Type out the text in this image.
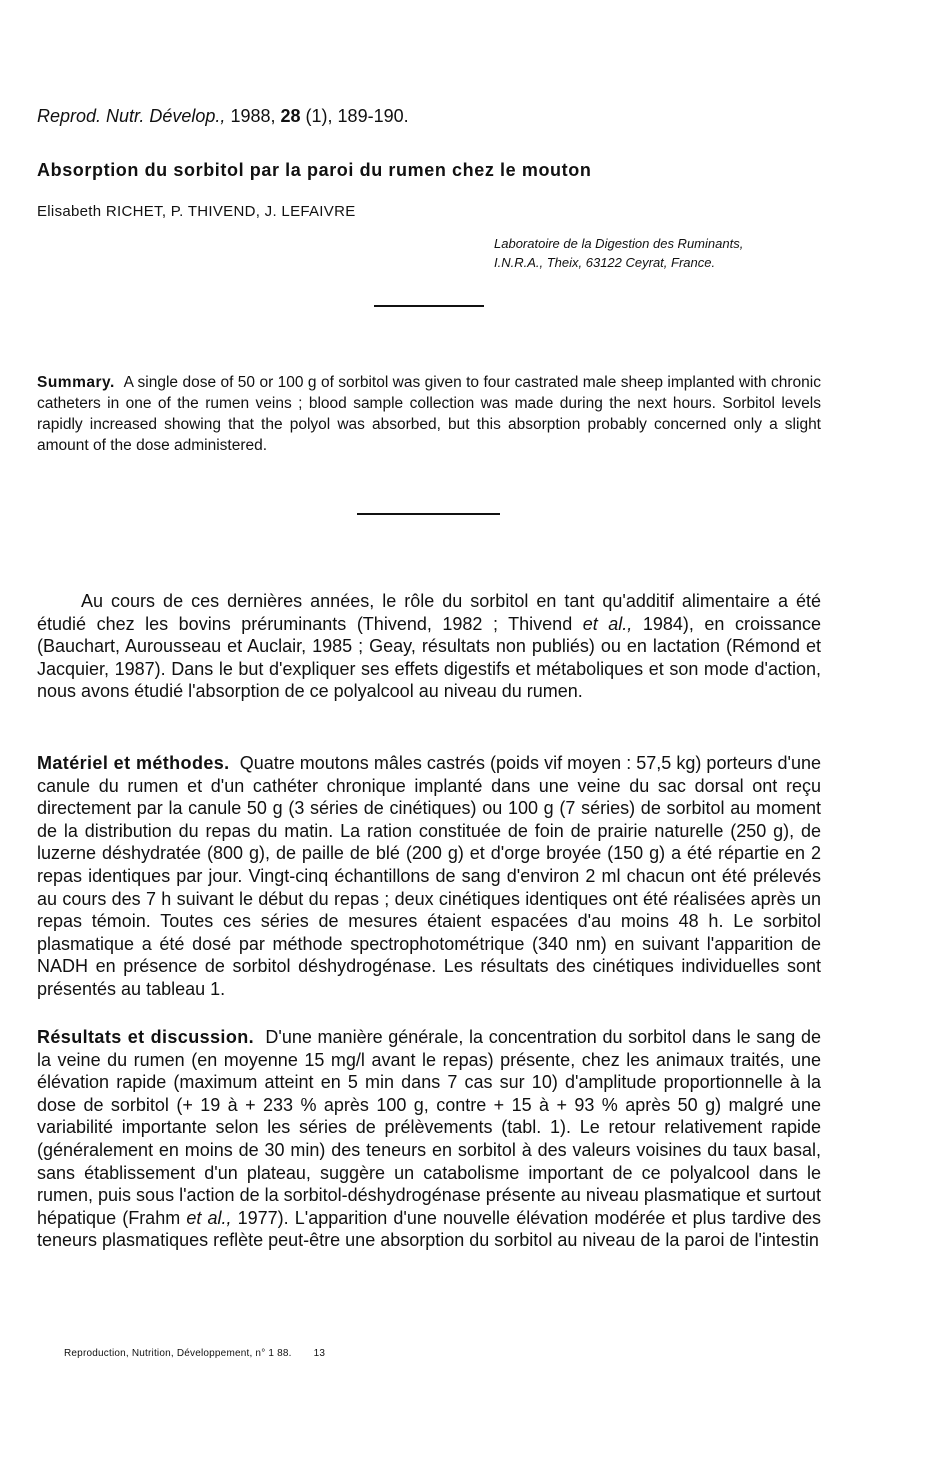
Reprod. Nutr. Dévelop., 1988, 28 (1), 189-190.
Absorption du sorbitol par la paroi du rumen chez le mouton
Elisabeth RICHET, P. THIVEND, J. LEFAIVRE
Laboratoire de la Digestion des Ruminants,
I.N.R.A., Theix, 63122 Ceyrat, France.

Summary. A single dose of 50 or 100 g of sorbitol was given to four castrated male sheep implanted with chronic catheters in one of the rumen veins ; blood sample collection was made during the next hours. Sorbitol levels rapidly increased showing that the polyol was absorbed, but this absorption probably concerned only a slight amount of the dose administered.

Au cours de ces dernières années, le rôle du sorbitol en tant qu'additif alimentaire a été étudié chez les bovins préruminants (Thivend, 1982 ; Thivend et al., 1984), en croissance (Bauchart, Aurousseau et Auclair, 1985 ; Geay, résultats non publiés) ou en lactation (Rémond et Jacquier, 1987). Dans le but d'expliquer ses effets digestifs et métaboliques et son mode d'action, nous avons étudié l'absorption de ce polyalcool au niveau du rumen.

Matériel et méthodes. Quatre moutons mâles castrés (poids vif moyen : 57,5 kg) porteurs d'une canule du rumen et d'un cathéter chronique implanté dans une veine du sac dorsal ont reçu directement par la canule 50 g (3 séries de cinétiques) ou 100 g (7 séries) de sorbitol au moment de la distribution du repas du matin. La ration constituée de foin de prairie naturelle (250 g), de luzerne déshydratée (800 g), de paille de blé (200 g) et d'orge broyée (150 g) a été répartie en 2 repas identiques par jour. Vingt-cinq échantillons de sang d'environ 2 ml chacun ont été prélevés au cours des 7 h suivant le début du repas ; deux cinétiques identiques ont été réalisées après un repas témoin. Toutes ces séries de mesures étaient espacées d'au moins 48 h. Le sorbitol plasmatique a été dosé par méthode spectrophotométrique (340 nm) en suivant l'apparition de NADH en présence de sorbitol déshydrogénase. Les résultats des cinétiques individuelles sont présentés au tableau 1.

Résultats et discussion. D'une manière générale, la concentration du sorbitol dans le sang de la veine du rumen (en moyenne 15 mg/l avant le repas) présente, chez les animaux traités, une élévation rapide (maximum atteint en 5 min dans 7 cas sur 10) d'amplitude proportionnelle à la dose de sorbitol (+ 19 à + 233 % après 100 g, contre + 15 à + 93 % après 50 g) malgré une variabilité importante selon les séries de prélèvements (tabl. 1). Le retour relativement rapide (généralement en moins de 30 min) des teneurs en sorbitol à des valeurs voisines du taux basal, sans établissement d'un plateau, suggère un catabolisme important de ce polyalcool dans le rumen, puis sous l'action de la sorbitol-déshydrogénase présente au niveau plasmatique et surtout hépatique (Frahm et al., 1977). L'apparition d'une nouvelle élévation modérée et plus tardive des teneurs plasmatiques reflète peut-être une absorption du sorbitol au niveau de la paroi de l'intestin

Reproduction, Nutrition, Développement, n° 1 88. 13
